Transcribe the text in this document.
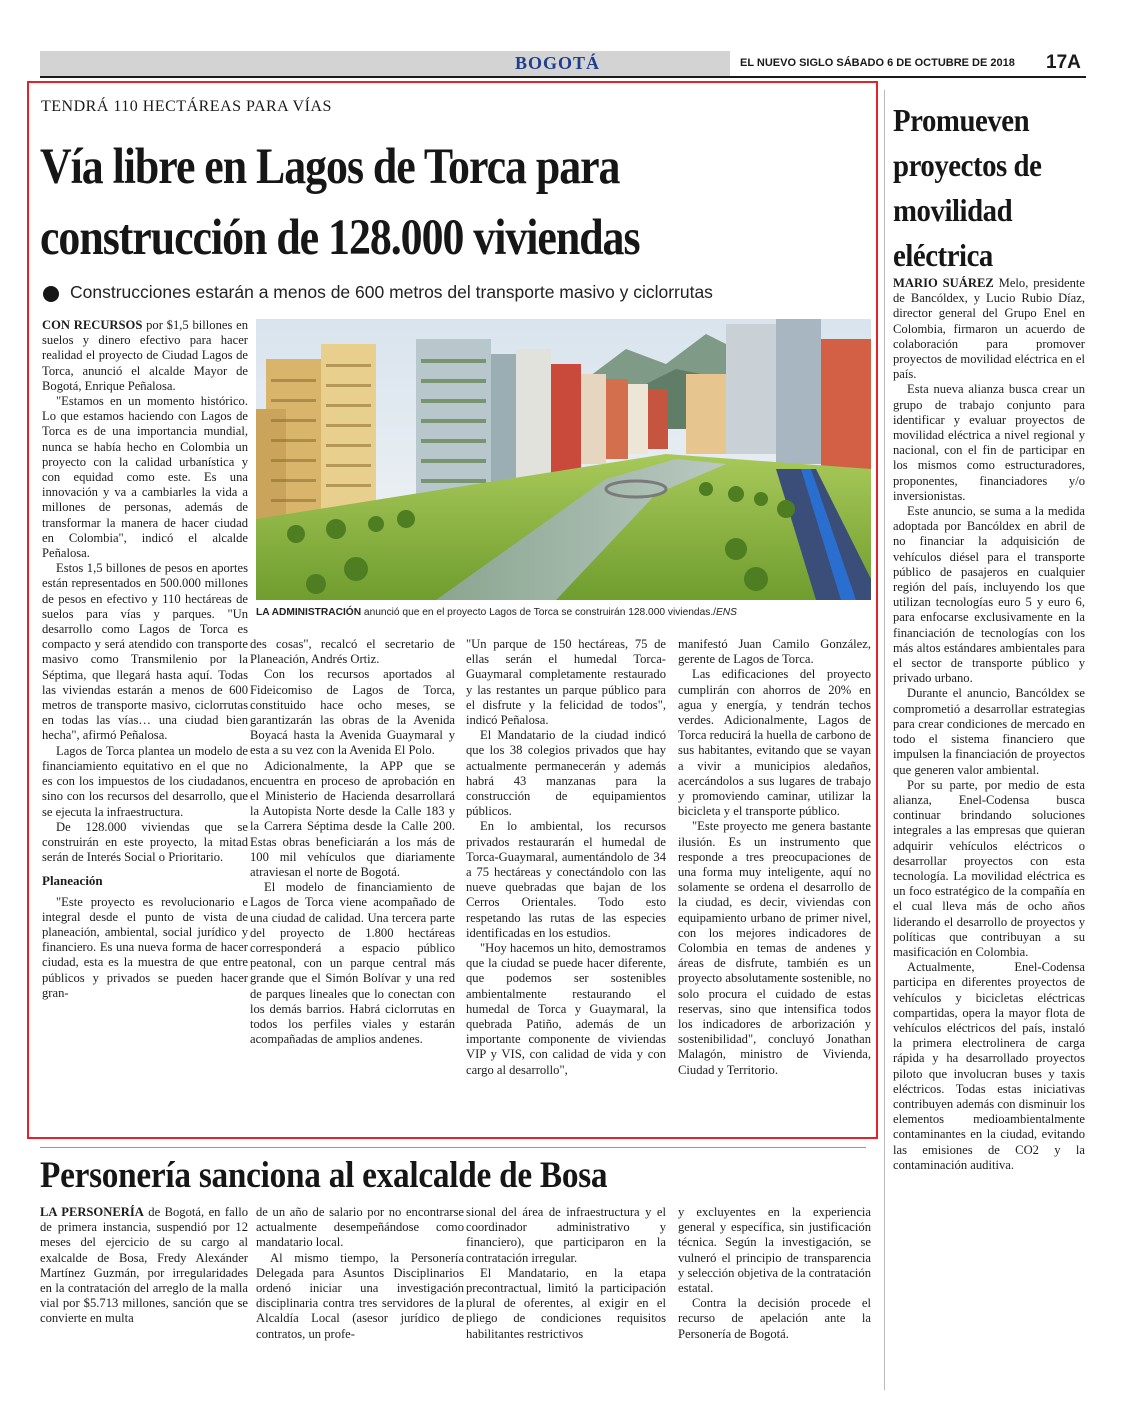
BOGOTÁ	EL NUEVO SIGLO SÁBADO 6 DE OCTUBRE DE 2018 17A
TENDRÁ 110 HECTÁREAS PARA VÍAS
Vía libre en Lagos de Torca para
construcción de 128.000 viviendas
Construcciones estarán a menos de 600 metros del transporte masivo y ciclorrutas
LA ADMINISTRACIÓN anunció que en el proyecto Lagos de Torca se construirán 128.000 viviendas./ENS

CON RECURSOS por $1,5 billones en suelos y dinero efectivo para hacer realidad el proyecto de Ciudad Lagos de Torca, anunció el alcalde Mayor de Bogotá, Enrique Peñalosa.

"Estamos en un momento histórico. Lo que estamos haciendo con Lagos de Torca es de una importancia mundial, nunca se había hecho en Colombia un proyecto con la calidad urbanística y con equidad como este. Es una innovación y va a cambiarles la vida a millones de personas, además de transformar la manera de hacer ciudad en Colombia", indicó el alcalde Peñalosa.

Estos 1,5 billones de pesos en aportes están representados en 500.000 millones de pesos en efectivo y 110 hectáreas de suelos para vías y parques. "Un desarrollo como Lagos de Torca es compacto y será atendido con transporte masivo como Transmilenio por la Séptima, que llegará hasta aquí. Todas las viviendas estarán a menos de 600 metros de transporte masivo, ciclorrutas en todas las vías… una ciudad bien hecha", afirmó Peñalosa.

Lagos de Torca plantea un modelo de financiamiento equitativo en el que no es con los impuestos de los ciudadanos, sino con los recursos del desarrollo, que se ejecuta la infraestructura.

De 128.000 viviendas que se construirán en este proyecto, la mitad serán de Interés Social o Prioritario.

Planeación

"Este proyecto es revolucionario e integral desde el punto de vista de planeación, ambiental, social jurídico y financiero. Es una nueva forma de hacer ciudad, esta es la muestra de que entre públicos y privados se pueden hacer gran-

des cosas", recalcó el secretario de Planeación, Andrés Ortiz.

Con los recursos aportados al Fideicomiso de Lagos de Torca, constituido hace ocho meses, se garantizarán las obras de la Avenida Boyacá hasta la Avenida Guaymaral y esta a su vez con la Avenida El Polo.

Adicionalmente, la APP que se encuentra en proceso de aprobación en el Ministerio de Hacienda desarrollará la Autopista Norte desde la Calle 183 y la Carrera Séptima desde la Calle 200. Estas obras beneficiarán a los más de 100 mil vehículos que diariamente atraviesan el norte de Bogotá.

El modelo de financiamiento de Lagos de Torca viene acompañado de una ciudad de calidad. Una tercera parte del proyecto de 1.800 hectáreas corresponderá a espacio público peatonal, con un parque central más grande que el Simón Bolívar y una red de parques lineales que lo conectan con los demás barrios. Habrá ciclorrutas en todos los perfiles viales y estarán acompañadas de amplios andenes.

"Un parque de 150 hectáreas, 75 de ellas serán el humedal Torca-Guaymaral completamente restaurado y las restantes un parque público para el disfrute y la felicidad de todos", indicó Peñalosa.

El Mandatario de la ciudad indicó que los 38 colegios privados que hay actualmente permanecerán y además habrá 43 manzanas para la construcción de equipamientos públicos.

En lo ambiental, los recursos privados restaurarán el humedal de Torca-Guaymaral, aumentándolo de 34 a 75 hectáreas y conectándolo con las nueve quebradas que bajan de los Cerros Orientales. Todo esto respetando las rutas de las especies identificadas en los estudios.

"Hoy hacemos un hito, demostramos que la ciudad se puede hacer diferente, que podemos ser sostenibles ambientalmente restaurando el humedal de Torca y Guaymaral, la quebrada Patiño, además de un importante componente de viviendas VIP y VIS, con calidad de vida y con cargo al desarrollo",

manifestó Juan Camilo González, gerente de Lagos de Torca.

Las edificaciones del proyecto cumplirán con ahorros de 20% en agua y energía, y tendrán techos verdes. Adicionalmente, Lagos de Torca reducirá la huella de carbono de sus habitantes, evitando que se vayan a vivir a municipios aledaños, acercándolos a sus lugares de trabajo y promoviendo caminar, utilizar la bicicleta y el transporte público.

"Este proyecto me genera bastante ilusión. Es un instrumento que responde a tres preocupaciones de una forma muy inteligente, aquí no solamente se ordena el desarrollo de la ciudad, es decir, viviendas con equipamiento urbano de primer nivel, con los mejores indicadores de Colombia en temas de andenes y áreas de disfrute, también es un proyecto absolutamente sostenible, no solo procura el cuidado de estas reservas, sino que intensifica todos los indicadores de arborización y sostenibilidad", concluyó Jonathan Malagón, ministro de Vivienda, Ciudad y Territorio.

Promueven proyectos de movilidad eléctrica

MARIO SUÁREZ Melo, presidente de Bancóldex, y Lucio Rubio Díaz, director general del Grupo Enel en Colombia, firmaron un acuerdo de colaboración para promover proyectos de movilidad eléctrica en el país.

Esta nueva alianza busca crear un grupo de trabajo conjunto para identificar y evaluar proyectos de movilidad eléctrica a nivel regional y nacional, con el fin de participar en los mismos como estructuradores, proponentes, financiadores y/o inversionistas.

Este anuncio, se suma a la medida adoptada por Bancóldex en abril de no financiar la adquisición de vehículos diésel para el transporte público de pasajeros en cualquier región del país, incluyendo los que utilizan tecnologías euro 5 y euro 6, para enfocarse exclusivamente en la financiación de tecnologías con los más altos estándares ambientales para el sector de transporte público y privado urbano.

Durante el anuncio, Bancóldex se comprometió a desarrollar estrategias para crear condiciones de mercado en todo el sistema financiero que impulsen la financiación de proyectos que generen valor ambiental.

Por su parte, por medio de esta alianza, Enel-Codensa busca continuar brindando soluciones integrales a las empresas que quieran adquirir vehículos eléctricos o desarrollar proyectos con esta tecnología. La movilidad eléctrica es un foco estratégico de la compañía en el cual lleva más de ocho años liderando el desarrollo de proyectos y políticas que contribuyan a su masificación en Colombia.

Actualmente, Enel-Codensa participa en diferentes proyectos de vehículos y bicicletas eléctricas compartidas, opera la mayor flota de vehículos eléctricos del país, instaló la primera electrolinera de carga rápida y ha desarrollado proyectos piloto que involucran buses y taxis eléctricos. Todas estas iniciativas contribuyen además con disminuir los elementos medioambientalmente contaminantes en la ciudad, evitando las emisiones de CO2 y la contaminación auditiva.

Personería sanciona al exalcalde de Bosa

LA PERSONERÍA de Bogotá, en fallo de primera instancia, suspendió por 12 meses del ejercicio de su cargo al exalcalde de Bosa, Fredy Alexánder Martínez Guzmán, por irregularidades en la contratación del arreglo de la malla vial por $5.713 millones, sanción que se convierte en multa

de un año de salario por no encontrarse actualmente desempeñándose como mandatario local.

Al mismo tiempo, la Personería Delegada para Asuntos Disciplinarios ordenó iniciar una investigación disciplinaria contra tres servidores de la Alcaldía Local (asesor jurídico de contratos, un profe-

sional del área de infraestructura y el coordinador administrativo y financiero), que participaron en la contratación irregular.

El Mandatario, en la etapa precontractual, limitó la participación plural de oferentes, al exigir en el pliego de condiciones requisitos habilitantes restrictivos

y excluyentes en la experiencia general y específica, sin justificación técnica. Según la investigación, se vulneró el principio de transparencia y selección objetiva de la contratación estatal.

Contra la decisión procede el recurso de apelación ante la Personería de Bogotá.
